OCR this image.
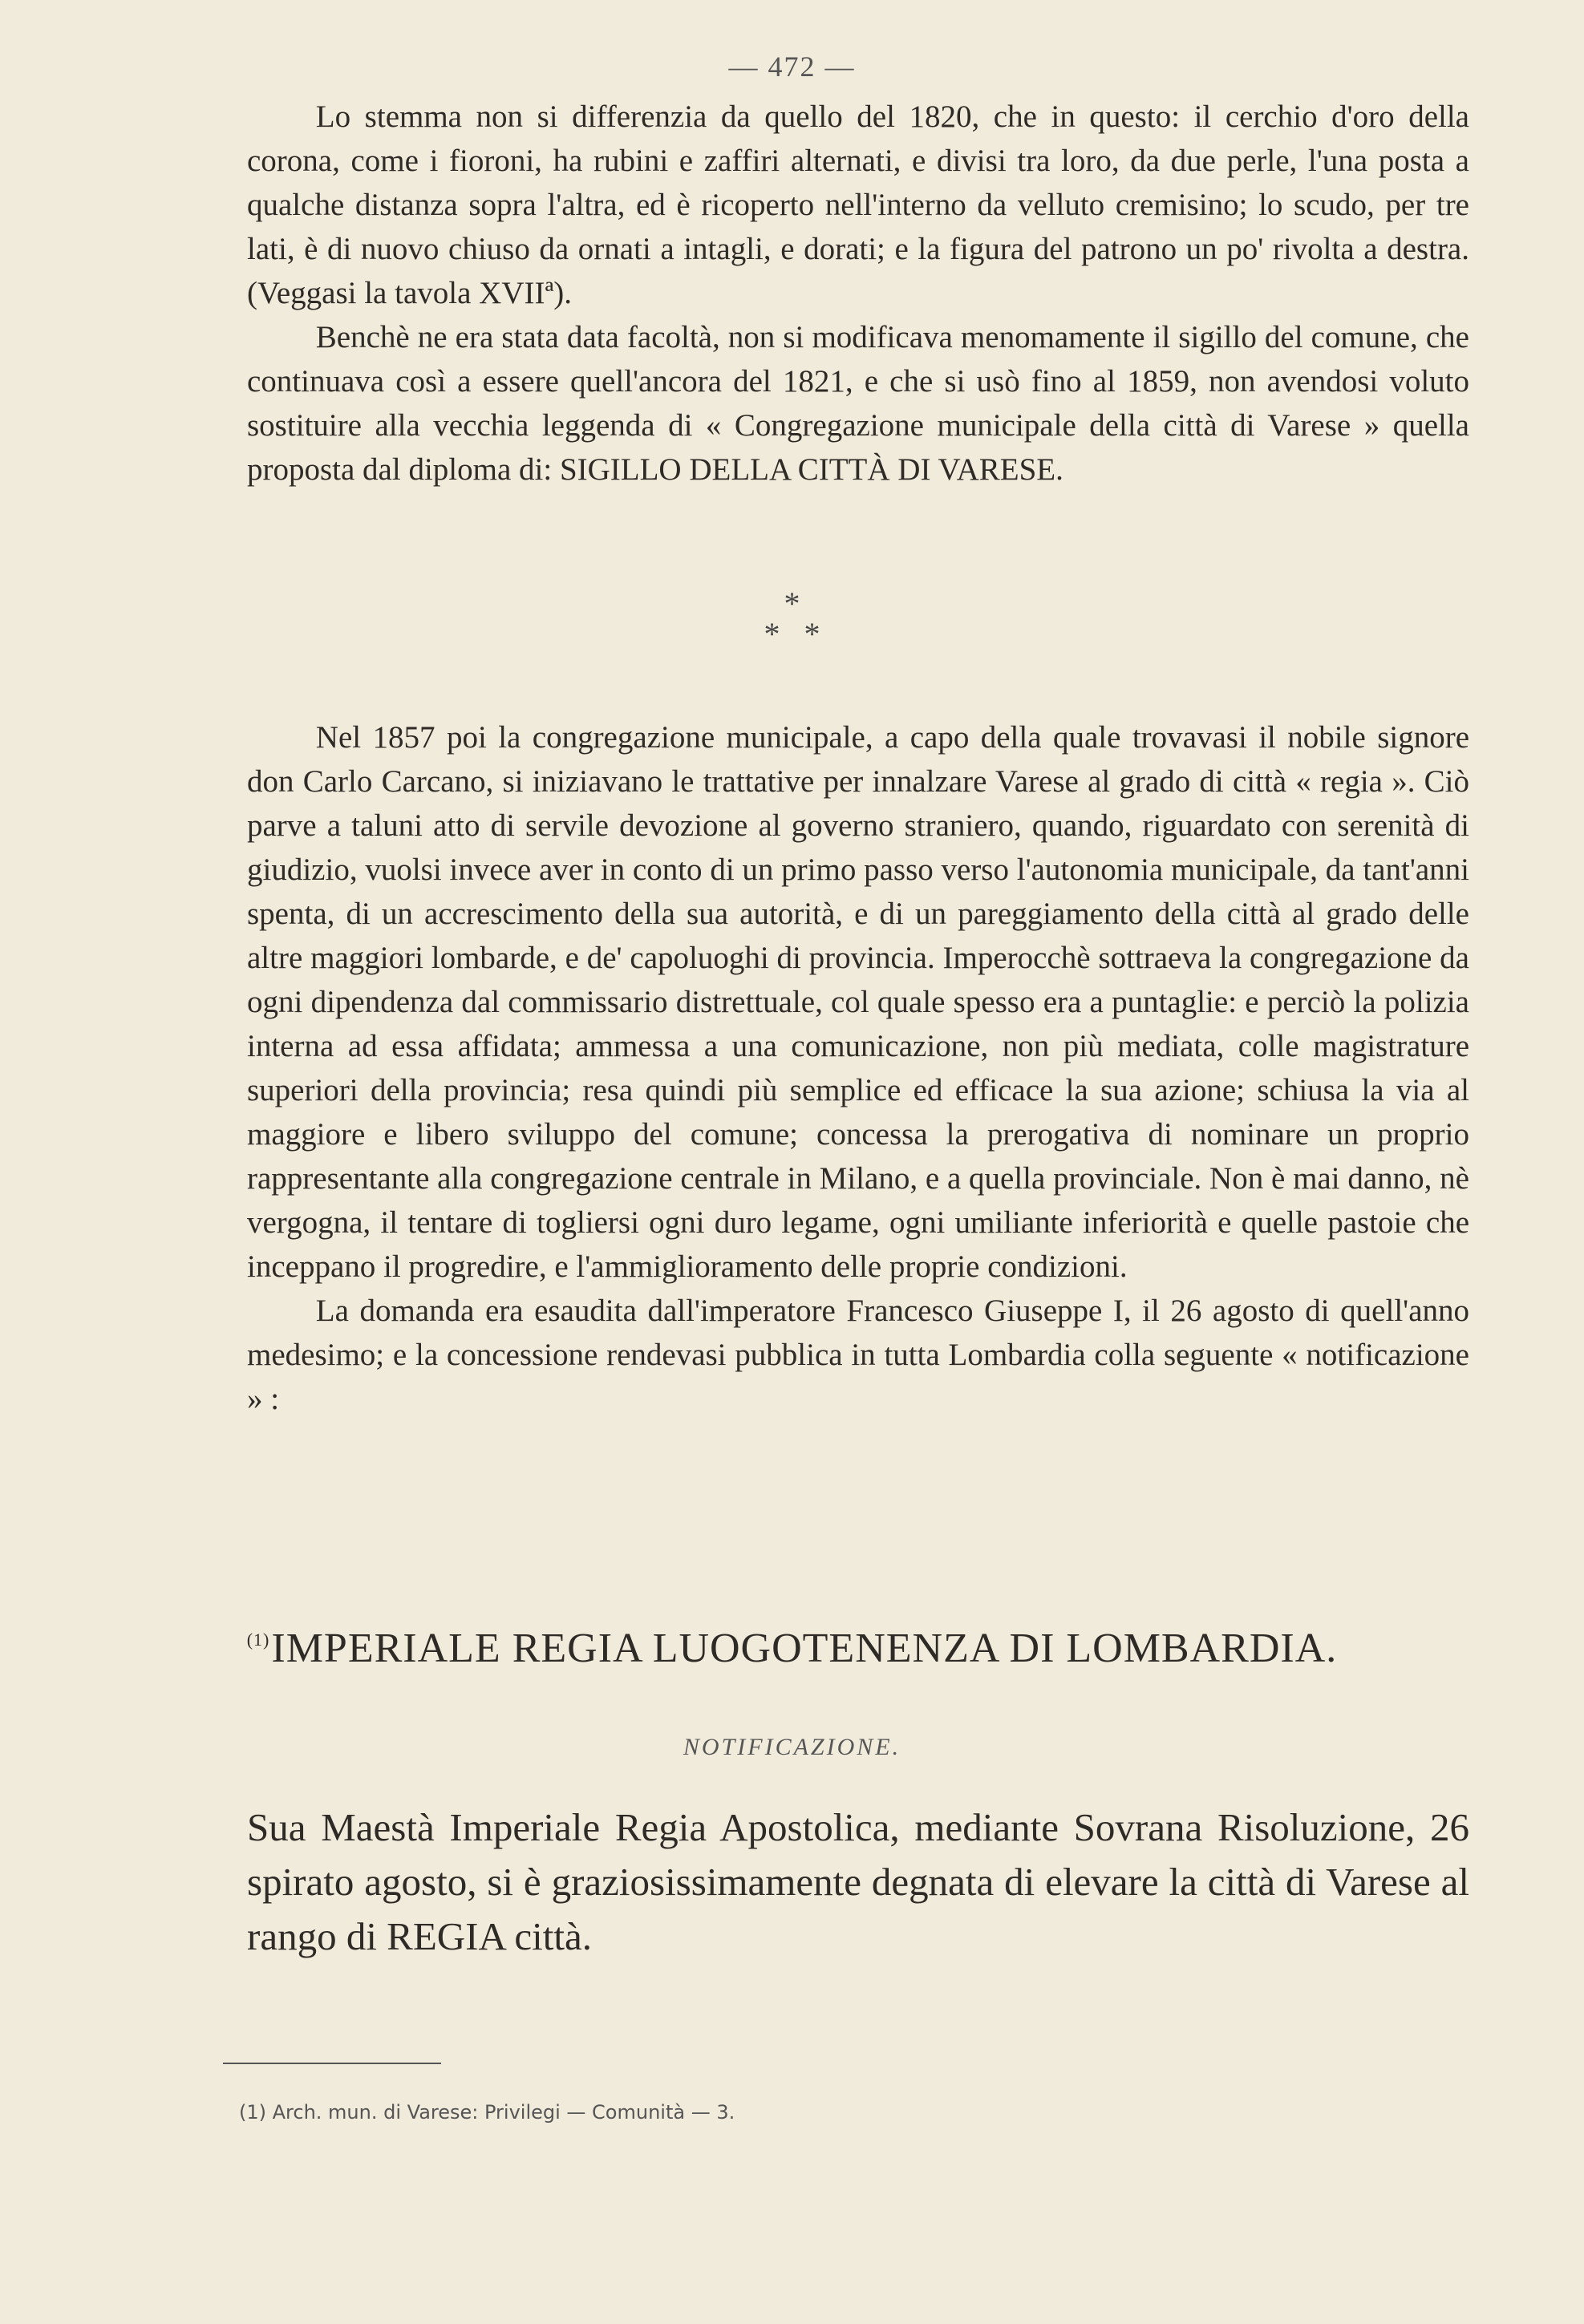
— 472 —

Lo stemma non si differenzia da quello del 1820, che in questo: il cerchio d'oro della corona, come i fioroni, ha rubini e zaffiri alternati, e divisi tra loro, da due perle, l'una posta a qualche distanza sopra l'altra, ed è ricoperto nell'interno da velluto cremisino; lo scudo, per tre lati, è di nuovo chiuso da ornati a intagli, e dorati; e la figura del patrono un po' rivolta a destra. (Veggasi la tavola XVIIª).

Benchè ne era stata data facoltà, non si modificava menomamente il sigillo del comune, che continuava così a essere quell'ancora del 1821, e che si usò fino al 1859, non avendosi voluto sostituire alla vecchia leggenda di « Congregazione municipale della città di Varese » quella proposta dal diploma di: SIGILLO DELLA CITTÀ DI VARESE.

*
*   *

Nel 1857 poi la congregazione municipale, a capo della quale trovavasi il nobile signore don Carlo Carcano, si iniziavano le trattative per innalzare Varese al grado di città « regia ». Ciò parve a taluni atto di servile devozione al governo straniero, quando, riguardato con serenità di giudizio, vuolsi invece aver in conto di un primo passo verso l'autonomia municipale, da tant'anni spenta, di un accrescimento della sua autorità, e di un pareggiamento della città al grado delle altre maggiori lombarde, e de' capoluoghi di provincia. Imperocchè sottraeva la congregazione da ogni dipendenza dal commissario distrettuale, col quale spesso era a puntaglie: e perciò la polizia interna ad essa affidata; ammessa a una comunicazione, non più mediata, colle magistrature superiori della provincia; resa quindi più semplice ed efficace la sua azione; schiusa la via al maggiore e libero sviluppo del comune; concessa la prerogativa di nominare un proprio rappresentante alla congregazione centrale in Milano, e a quella provinciale. Non è mai danno, nè vergogna, il tentare di togliersi ogni duro legame, ogni umiliante inferiorità e quelle pastoie che inceppano il progredire, e l'ammiglioramento delle proprie condizioni.

La domanda era esaudita dall'imperatore Francesco Giuseppe I, il 26 agosto di quell'anno medesimo; e la concessione rendevasi pubblica in tutta Lombardia colla seguente « notificazione » :

$^{(1)}$IMPERIALE REGIA LUOGOTENENZA DI LOMBARDIA.
NOTIFICAZIONE.

Sua Maestà Imperiale Regia Apostolica, mediante Sovrana Risoluzione, 26 spirato agosto, si è graziosissimamente degnata di elevare la città di Varese al rango di REGIA città.

(1) Arch. mun. di Varese: Privilegi — Comunità — 3.
